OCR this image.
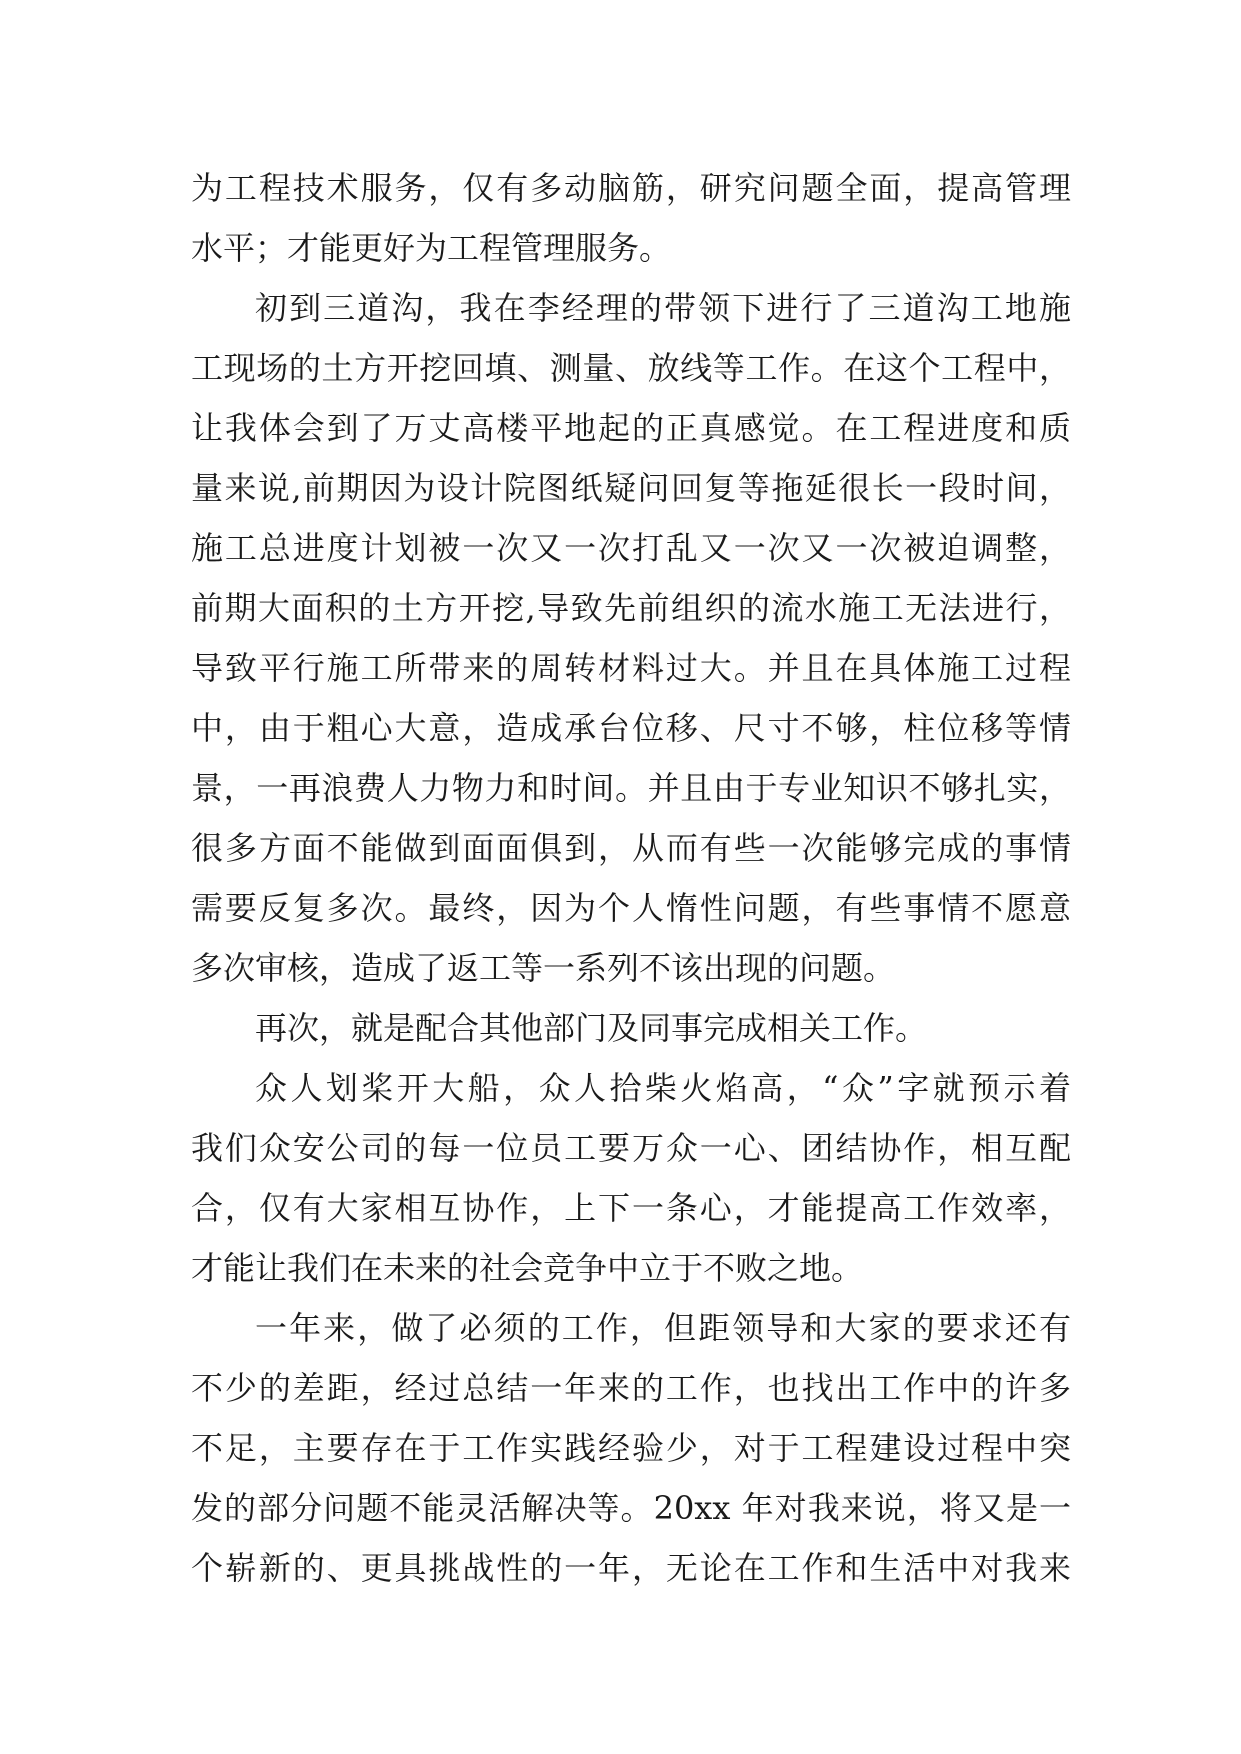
为工程技术服务，仅有多动脑筋，研究问题全面，提高管理
水平；才能更好为工程管理服务。
初到三道沟，我在李经理的带领下进行了三道沟工地施
工现场的土方开挖回填、测量、放线等工作。在这个工程中，
让我体会到了万丈高楼平地起的正真感觉。在工程进度和质
量来说,前期因为设计院图纸疑问回复等拖延很长一段时间，
施工总进度计划被一次又一次打乱又一次又一次被迫调整，
前期大面积的土方开挖,导致先前组织的流水施工无法进行，
导致平行施工所带来的周转材料过大。并且在具体施工过程
中，由于粗心大意，造成承台位移、尺寸不够，柱位移等情
景，一再浪费人力物力和时间。并且由于专业知识不够扎实，
很多方面不能做到面面俱到，从而有些一次能够完成的事情
需要反复多次。最终，因为个人惰性问题，有些事情不愿意
多次审核，造成了返工等一系列不该出现的问题。
再次，就是配合其他部门及同事完成相关工作。
众人划桨开大船，众人拾柴火焰高，“众”字就预示着
我们众安公司的每一位员工要万众一心、团结协作，相互配
合，仅有大家相互协作，上下一条心，才能提高工作效率，
才能让我们在未来的社会竞争中立于不败之地。
一年来，做了必须的工作，但距领导和大家的要求还有
不少的差距，经过总结一年来的工作，也找出工作中的许多
不足，主要存在于工作实践经验少，对于工程建设过程中突
发的部分问题不能灵活解决等。20xx 年对我来说，将又是一
个崭新的、更具挑战性的一年，无论在工作和生活中对我来
